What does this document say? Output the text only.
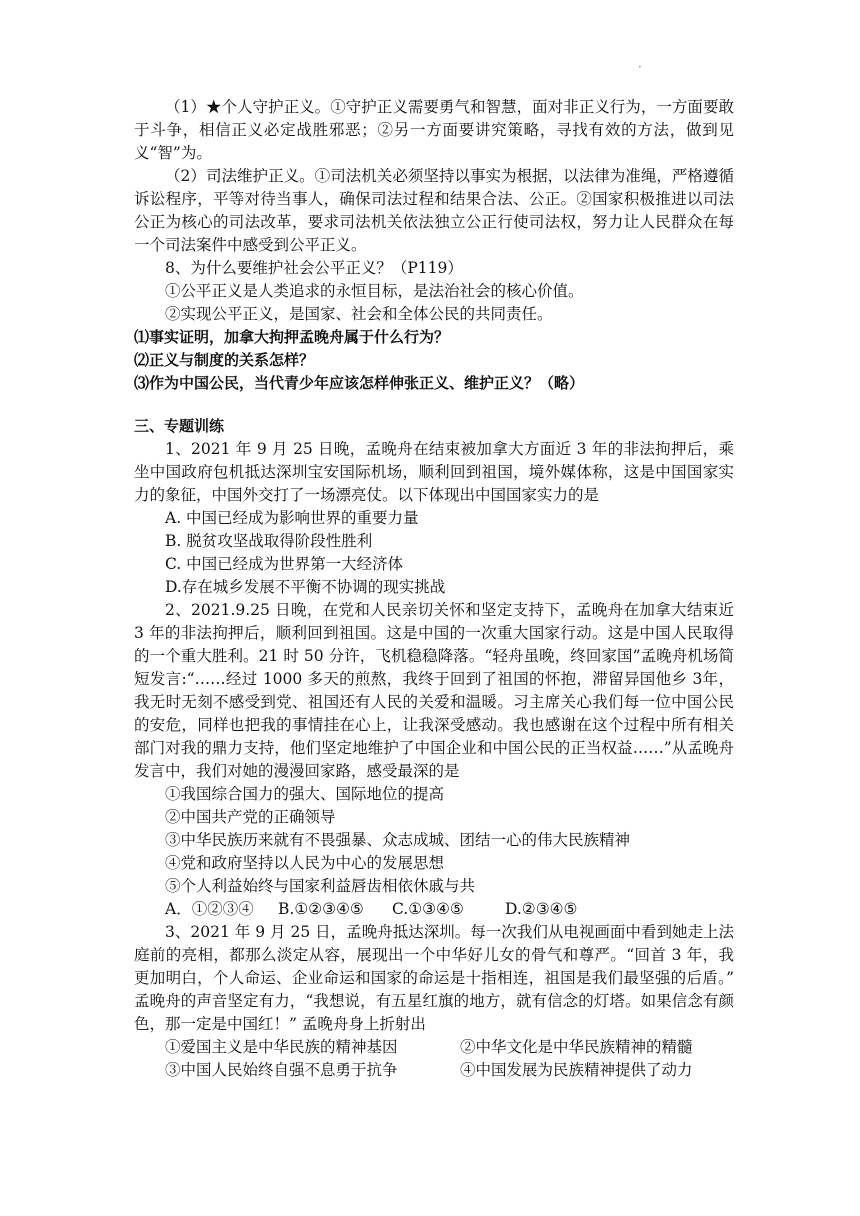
·

（1）★个人守护正义。①守护正义需要勇气和智慧，面对非正义行为，一方面要敢于斗争，相信正义必定战胜邪恶；②另一方面要讲究策略，寻找有效的方法，做到见义“智”为。

（2）司法维护正义。①司法机关必须坚持以事实为根据，以法律为准绳，严格遵循诉讼程序，平等对待当事人，确保司法过程和结果合法、公正。②国家积极推进以司法公正为核心的司法改革，要求司法机关依法独立公正行使司法权，努力让人民群众在每一个司法案件中感受到公平正义。

8、为什么要维护社会公平正义？（P119）

①公平正义是人类追求的永恒目标，是法治社会的核心价值。

②实现公平正义，是国家、社会和全体公民的共同责任。

⑴事实证明，加拿大拘押孟晚舟属于什么行为？

⑵正义与制度的关系怎样？

⑶作为中国公民，当代青少年应该怎样伸张正义、维护正义？（略）

三、专题训练

1、2021 年 9 月 25 日晚，孟晚舟在结束被加拿大方面近 3 年的非法拘押后，乘坐中国政府包机抵达深圳宝安国际机场，顺利回到祖国，境外媒体称，这是中国国家实力的象征，中国外交打了一场漂亮仗。以下体现出中国国家实力的是

A. 中国已经成为影响世界的重要力量

B. 脱贫攻坚战取得阶段性胜利

C. 中国已经成为世界第一大经济体

D.存在城乡发展不平衡不协调的现实挑战

2、2021.9.25 日晚，在党和人民亲切关怀和坚定支持下，孟晚舟在加拿大结束近 3 年的非法拘押后，顺利回到祖国。这是中国的一次重大国家行动。这是中国人民取得的一个重大胜利。21 时 50 分许，飞机稳稳降落。“轻舟虽晚，终回家国”孟晚舟机场简短发言:“……经过 1000 多天的煎熬，我终于回到了祖国的怀抱，滞留异国他乡 3年，我无时无刻不感受到党、祖国还有人民的关爱和温暖。习主席关心我们每一位中国公民的安危，同样也把我的事情挂在心上，让我深受感动。我也感谢在这个过程中所有相关部门对我的鼎力支持，他们坚定地维护了中国企业和中国公民的正当权益……”从孟晚舟发言中，我们对她的漫漫回家路，感受最深的是

①我国综合国力的强大、国际地位的提高

②中国共产党的正确领导

③中华民族历来就有不畏强暴、众志成城、团结一心的伟大民族精神

④党和政府坚持以人民为中心的发展思想

⑤个人利益始终与国家利益唇齿相依休戚与共

A．①②③④	B.①②③④⑤	C.①③④⑤	D.②③④⑤

3、2021 年 9 月 25 日，孟晚舟抵达深圳。每一次我们从电视画面中看到她走上法庭前的亮相，都那么淡定从容，展现出一个中华好儿女的骨气和尊严。“回首 3 年，我更加明白，个人命运、企业命运和国家的命运是十指相连，祖国是我们最坚强的后盾。” 孟晚舟的声音坚定有力，“我想说，有五星红旗的地方，就有信念的灯塔。如果信念有颜色，那一定是中国红！” 孟晚舟身上折射出

①爱国主义是中华民族的精神基因	②中华文化是中华民族精神的精髓
③中国人民始终自强不息勇于抗争	④中国发展为民族精神提供了动力
